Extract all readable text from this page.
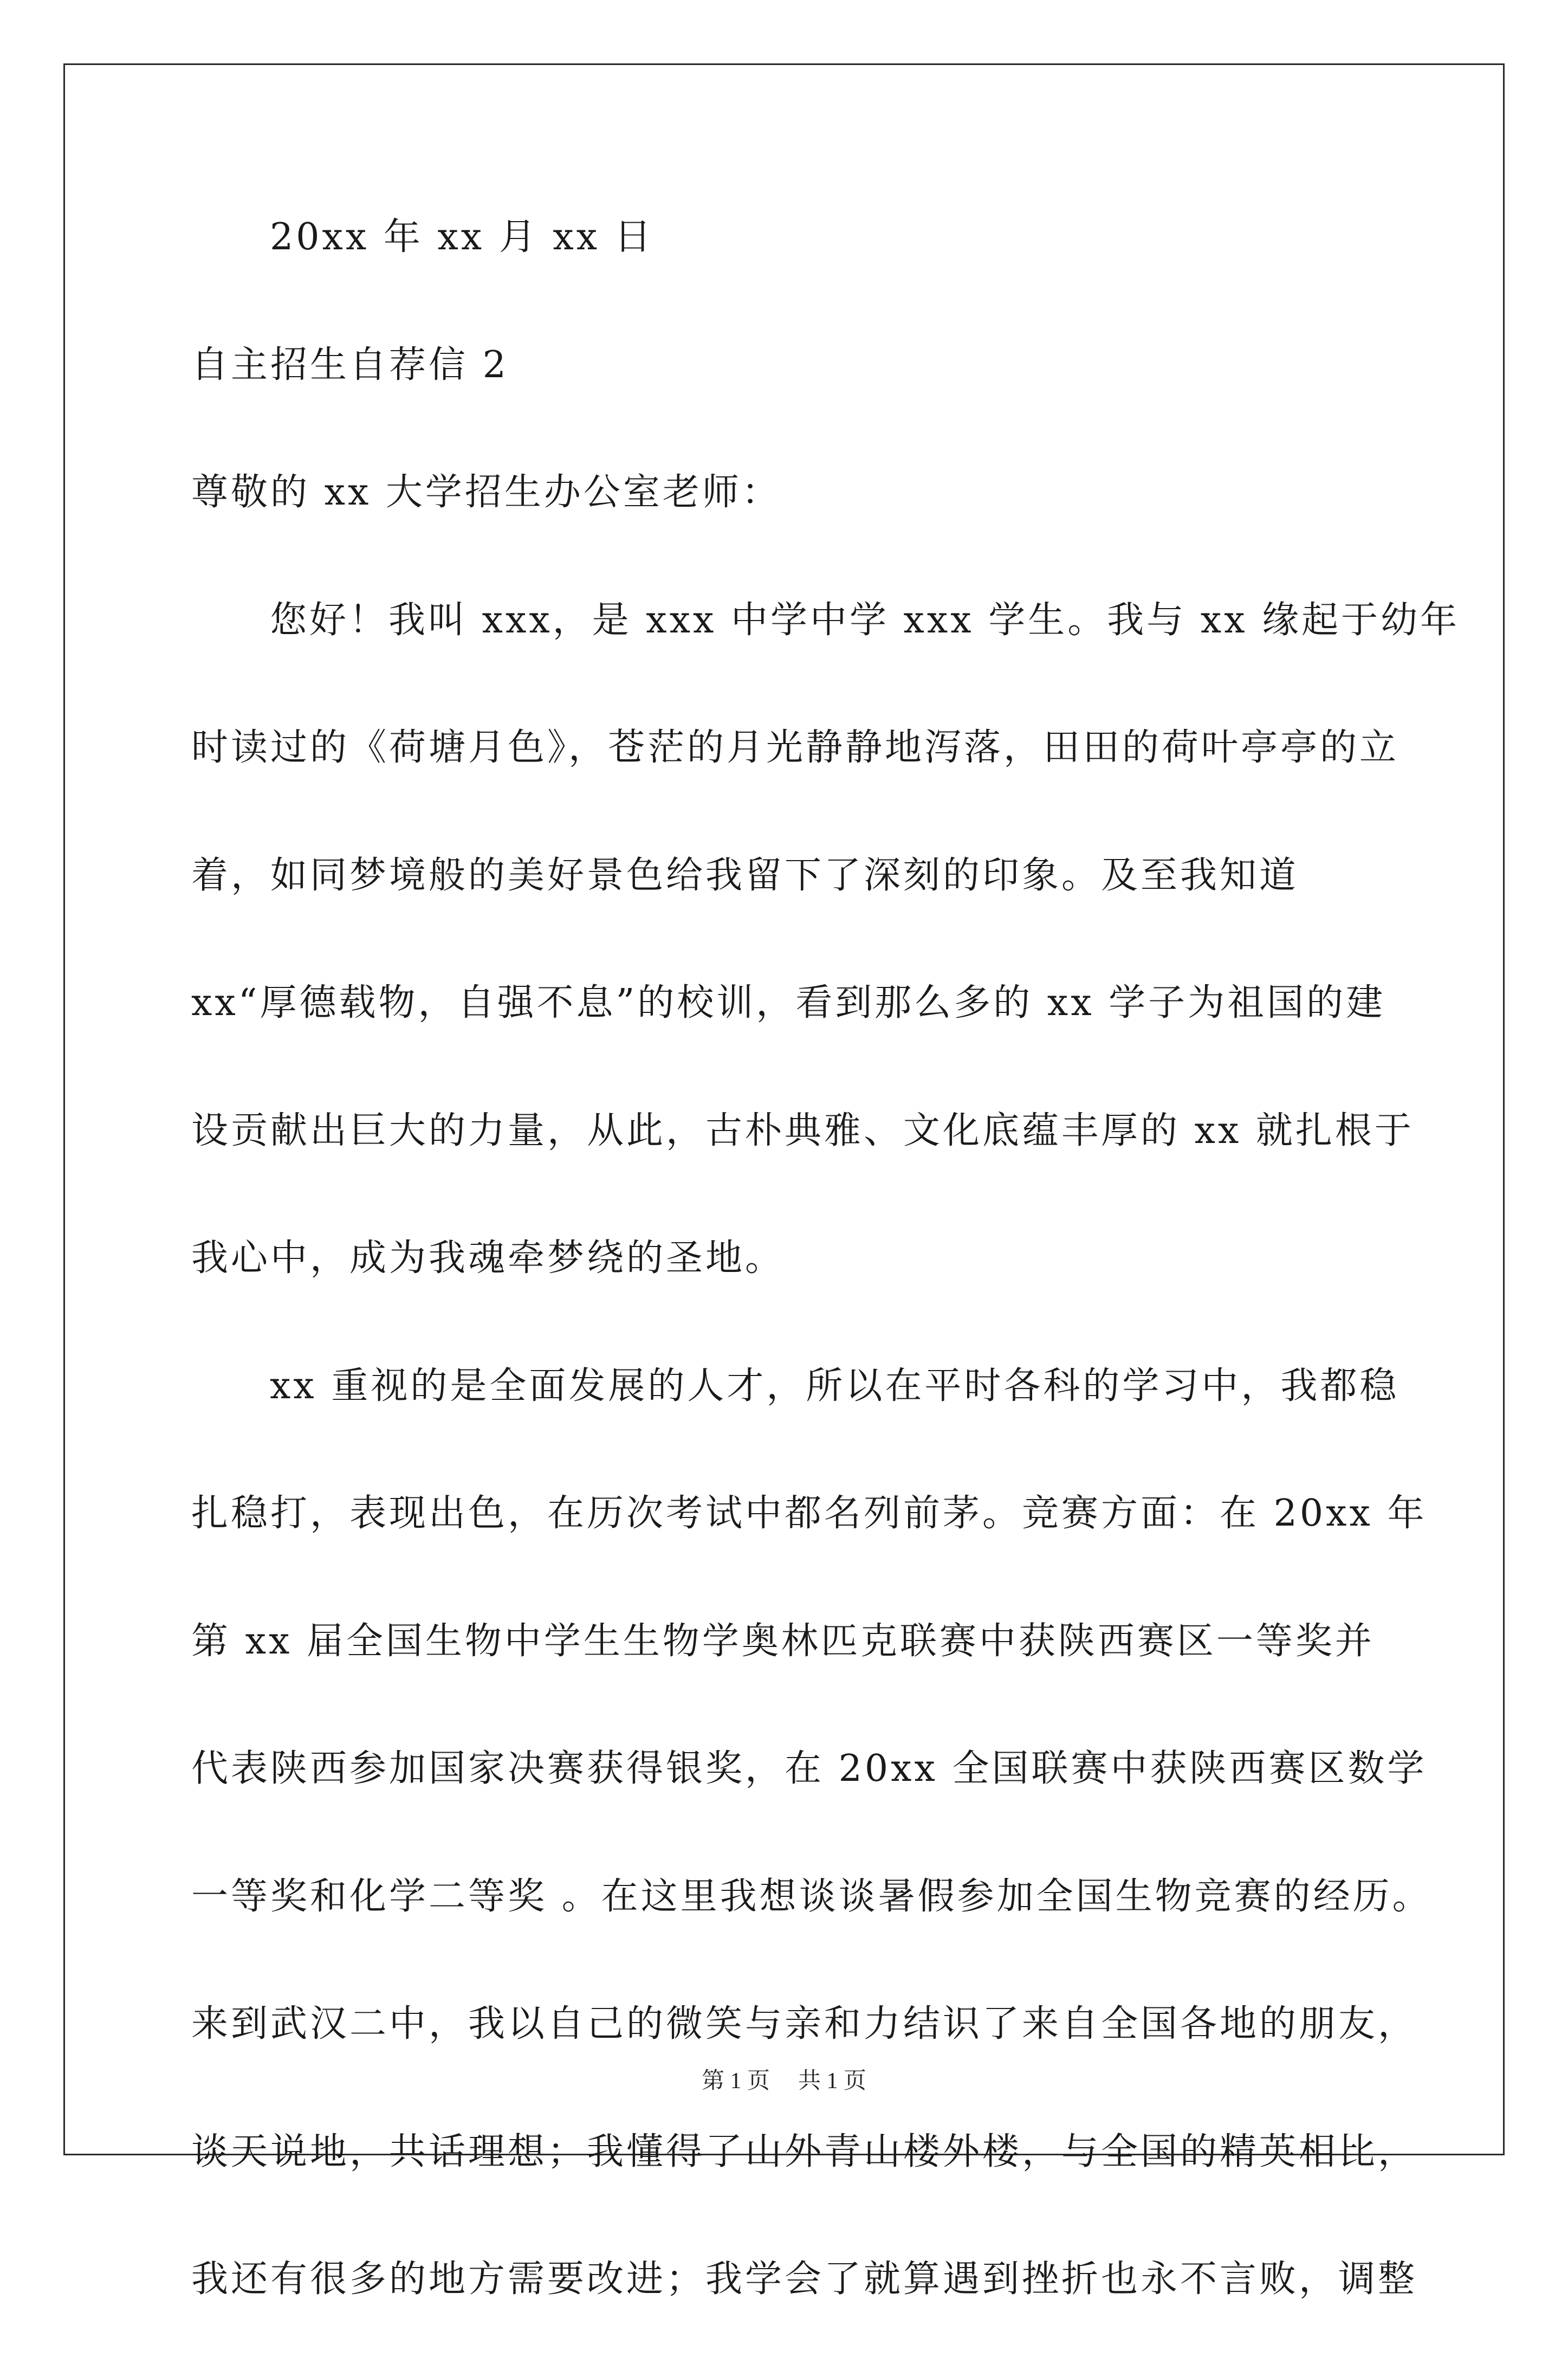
20xx 年 xx 月 xx 日
自主招生自荐信 2
尊敬的 xx 大学招生办公室老师：
您好！我叫 xxx，是 xxx 中学中学 xxx 学生。我与 xx 缘起于幼年
时读过的《荷塘月色》，苍茫的月光静静地泻落，田田的荷叶亭亭的立
着，如同梦境般的美好景色给我留下了深刻的印象。及至我知道
xx“厚德载物，自强不息”的校训，看到那么多的 xx 学子为祖国的建
设贡献出巨大的力量，从此，古朴典雅、文化底蕴丰厚的 xx 就扎根于
我心中，成为我魂牵梦绕的圣地。
xx 重视的是全面发展的人才，所以在平时各科的学习中，我都稳
扎稳打，表现出色，在历次考试中都名列前茅。竞赛方面：在 20xx 年
第 xx 届全国生物中学生生物学奥林匹克联赛中获陕西赛区一等奖并
代表陕西参加国家决赛获得银奖，在 20xx 全国联赛中获陕西赛区数学
一等奖和化学二等奖 。在这里我想谈谈暑假参加全国生物竞赛的经历。
来到武汉二中，我以自己的微笑与亲和力结识了来自全国各地的朋友，
谈天说地，共话理想；我懂得了山外青山楼外楼，与全国的精英相比，
我还有很多的地方需要改进；我学会了就算遇到挫折也永不言败，调整
第 1 页 共 1 页
